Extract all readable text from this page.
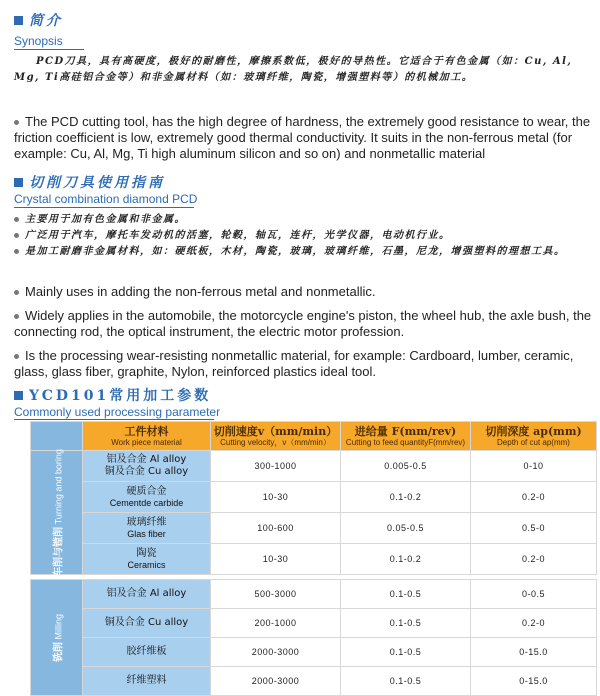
简介
Synopsis
PCD刀具，具有高硬度，极好的耐磨性，摩擦系数低，极好的导热性。它适合于有色金属（如：Cu, Al, Mg, Ti高硅铝合金等）和非金属材料（如：玻璃纤维，陶瓷，增强塑料等）的机械加工。
The PCD cutting tool, has the high degree of hardness, the extremely good resistance to wear, the friction coefficient is low, extremely good thermal conductivity. It suits in the non-ferrous metal (for example: Cu, Al, Mg, Ti high aluminum silicon and so on) and nonmetallic material
切削刀具使用指南
Crystal combination diamond PCD
主要用于加有色金属和非金属。
广泛用于汽车，摩托车发动机的活塞，轮毂，轴瓦，连杆，光学仪器，电动机行业。
是加工耐磨非金属材料，如：硬纸板，木材，陶瓷，玻璃，玻璃纤维，石墨，尼龙，增强塑料的理想工具。
Mainly uses in adding the non-ferrous metal and nonmetallic.
Widely applies in the automobile, the motorcycle engine's piston, the wheel hub, the axle bush, the connecting rod, the optical instrument, the electric motor profession.
Is the processing wear-resisting nonmetallic material, for example: Cardboard, lumber, ceramic, glass, glass fiber, graphite, Nylon, reinforced plastics ideal tool.
YCD101常用加工参数
Commonly used processing parameter

	工件材料
Work piece material	切削速度v（mm/min）
Cutting velocity，v（mm/min）	进给量 F(mm/rev)
Cutting to feed quantityF(mm/rev)	切削深度 ap(mm)
Depth of cut ap(mm)

车削与镗削 Turning and boring	铝及合金 Al alloy
铜及合金 Cu alloy	300-1000	0.005-0.5	0-10

	硬质合金
Cementde carbide	10-30	0.1-0.2	0.2-0

	玻璃纤维
Glas fiber	100-600	0.05-0.5	0.5-0

	陶瓷
Ceramics	10-30	0.1-0.2	0.2-0

铣削 Milling	铝及合金 Al alloy	500-3000	0.1-0.5	0-0.5

	铜及合金 Cu alloy	200-1000	0.1-0.5	0.2-0

	胶纤维板	2000-3000	0.1-0.5	0-15.0

	纤维塑料	2000-3000	0.1-0.5	0-15.0
